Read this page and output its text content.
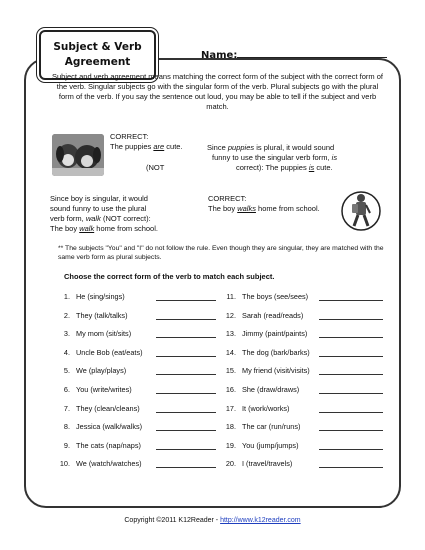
Subject & Verb
Agreement
Name:
Subject and verb agreement means matching the correct form of the subject with the correct form of the verb. Singular subjects go with the singular form of the verb. Plural subjects go with the plural form of the verb. If you say the sentence out loud, you may be able to tell if the subject and verb match.
CORRECT:
The puppies are cute.
(NOT
Since puppies is plural, it would sound
funny to use the singular verb form, is
correct): The puppies is cute.
Since boy is singular, it would
sound funny to use the plural
verb form, walk (NOT correct):
The boy walk home from school.
CORRECT:
The boy walks home from school.
** The subjects "You" and "I" do not follow the rule. Even though they are singular, they are matched with the same verb form as plural subjects.
Choose the correct form of the verb to match each subject.
1. He (sing/sings)
2. They (talk/talks)
3. My mom (sit/sits)
4. Uncle Bob (eat/eats)
5. We (play/plays)
6. You (write/writes)
7. They (clean/cleans)
8. Jessica (walk/walks)
9. The cats (nap/naps)
10. We (watch/watches)
11. The boys (see/sees)
12. Sarah (read/reads)
13. Jimmy (paint/paints)
14. The dog (bark/barks)
15. My friend (visit/visits)
16. She (draw/draws)
17. It (work/works)
18. The car (run/runs)
19. You (jump/jumps)
20. I (travel/travels)
Copyright ©2011 K12Reader - http://www.k12reader.com
